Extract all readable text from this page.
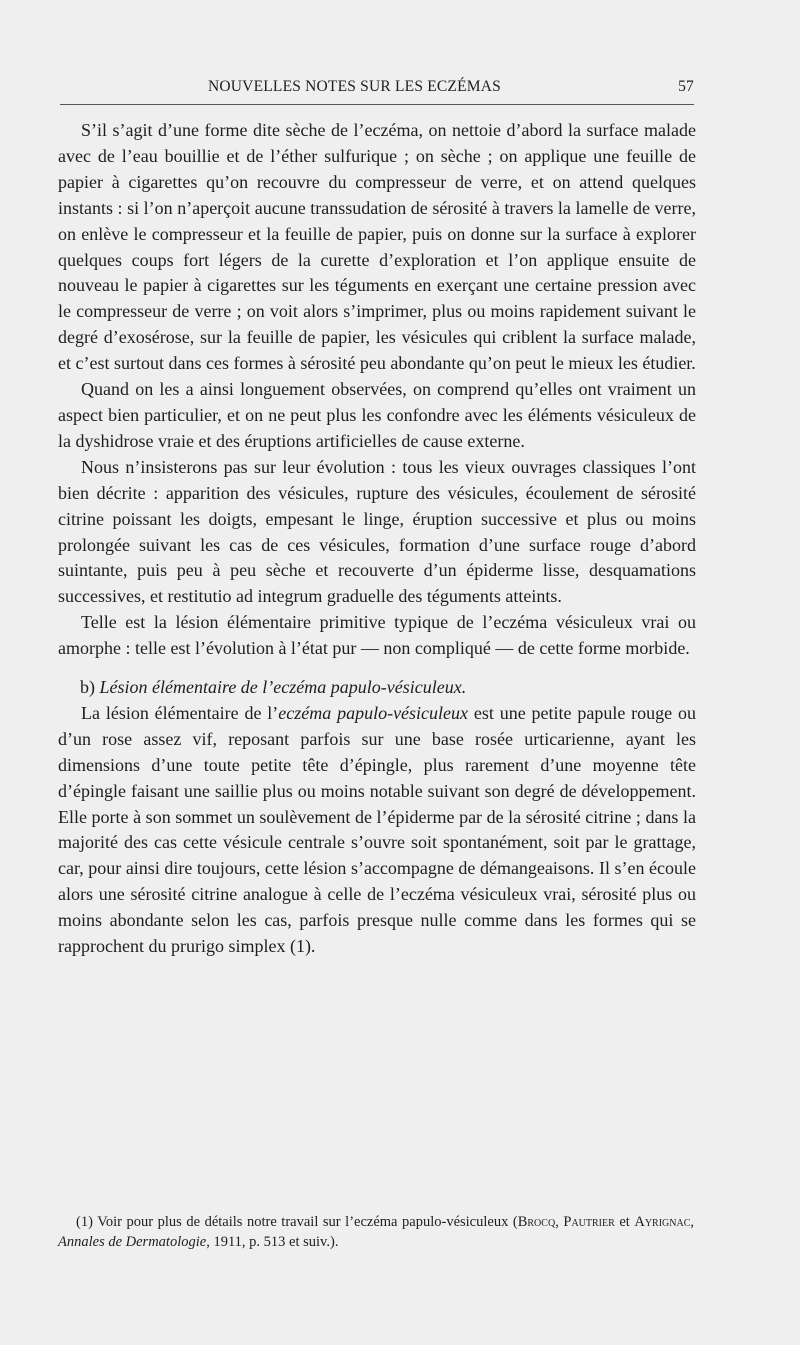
NOUVELLES NOTES SUR LES ECZÉMAS	57

S’il s’agit d’une forme dite sèche de l’eczéma, on nettoie d’abord la surface malade avec de l’eau bouillie et de l’éther sulfurique ; on sèche ; on applique une feuille de papier à cigarettes qu’on recouvre du compresseur de verre, et on attend quelques instants : si l’on n’aperçoit aucune transsudation de sérosité à travers la lamelle de verre, on enlève le compresseur et la feuille de papier, puis on donne sur la surface à explorer quelques coups fort légers de la curette d’exploration et l’on applique ensuite de nouveau le papier à cigarettes sur les téguments en exerçant une certaine pression avec le compresseur de verre ; on voit alors s’imprimer, plus ou moins rapidement suivant le degré d’exosérose, sur la feuille de papier, les vésicules qui criblent la surface malade, et c’est surtout dans ces formes à sérosité peu abondante qu’on peut le mieux les étudier.

Quand on les a ainsi longuement observées, on comprend qu’elles ont vraiment un aspect bien particulier, et on ne peut plus les confondre avec les éléments vésiculeux de la dyshidrose vraie et des éruptions artificielles de cause externe.

Nous n’insisterons pas sur leur évolution : tous les vieux ouvrages classiques l’ont bien décrite : apparition des vésicules, rupture des vésicules, écoulement de sérosité citrine poissant les doigts, empesant le linge, éruption successive et plus ou moins prolongée suivant les cas de ces vésicules, formation d’une surface rouge d’abord suintante, puis peu à peu sèche et recouverte d’un épiderme lisse, desquamations successives, et restitutio ad integrum graduelle des téguments atteints.

Telle est la lésion élémentaire primitive typique de l’eczéma vésiculeux vrai ou amorphe : telle est l’évolution à l’état pur — non compliqué — de cette forme morbide.

b) Lésion élémentaire de l’eczéma papulo-vésiculeux.

La lésion élémentaire de l’eczéma papulo-vésiculeux est une petite papule rouge ou d’un rose assez vif, reposant parfois sur une base rosée urticarienne, ayant les dimensions d’une toute petite tête d’épingle, plus rarement d’une moyenne tête d’épingle faisant une saillie plus ou moins notable suivant son degré de développement. Elle porte à son sommet un soulèvement de l’épiderme par de la sérosité citrine ; dans la majorité des cas cette vésicule centrale s’ouvre soit spontanément, soit par le grattage, car, pour ainsi dire toujours, cette lésion s’accompagne de démangeaisons. Il s’en écoule alors une sérosité citrine analogue à celle de l’eczéma vésiculeux vrai, sérosité plus ou moins abondante selon les cas, parfois presque nulle comme dans les formes qui se rapprochent du prurigo simplex (1).

(1) Voir pour plus de détails notre travail sur l’eczéma papulo-vésiculeux (Brocq, Pautrier et Ayrignac, Annales de Dermatologie, 1911, p. 513 et suiv.).
